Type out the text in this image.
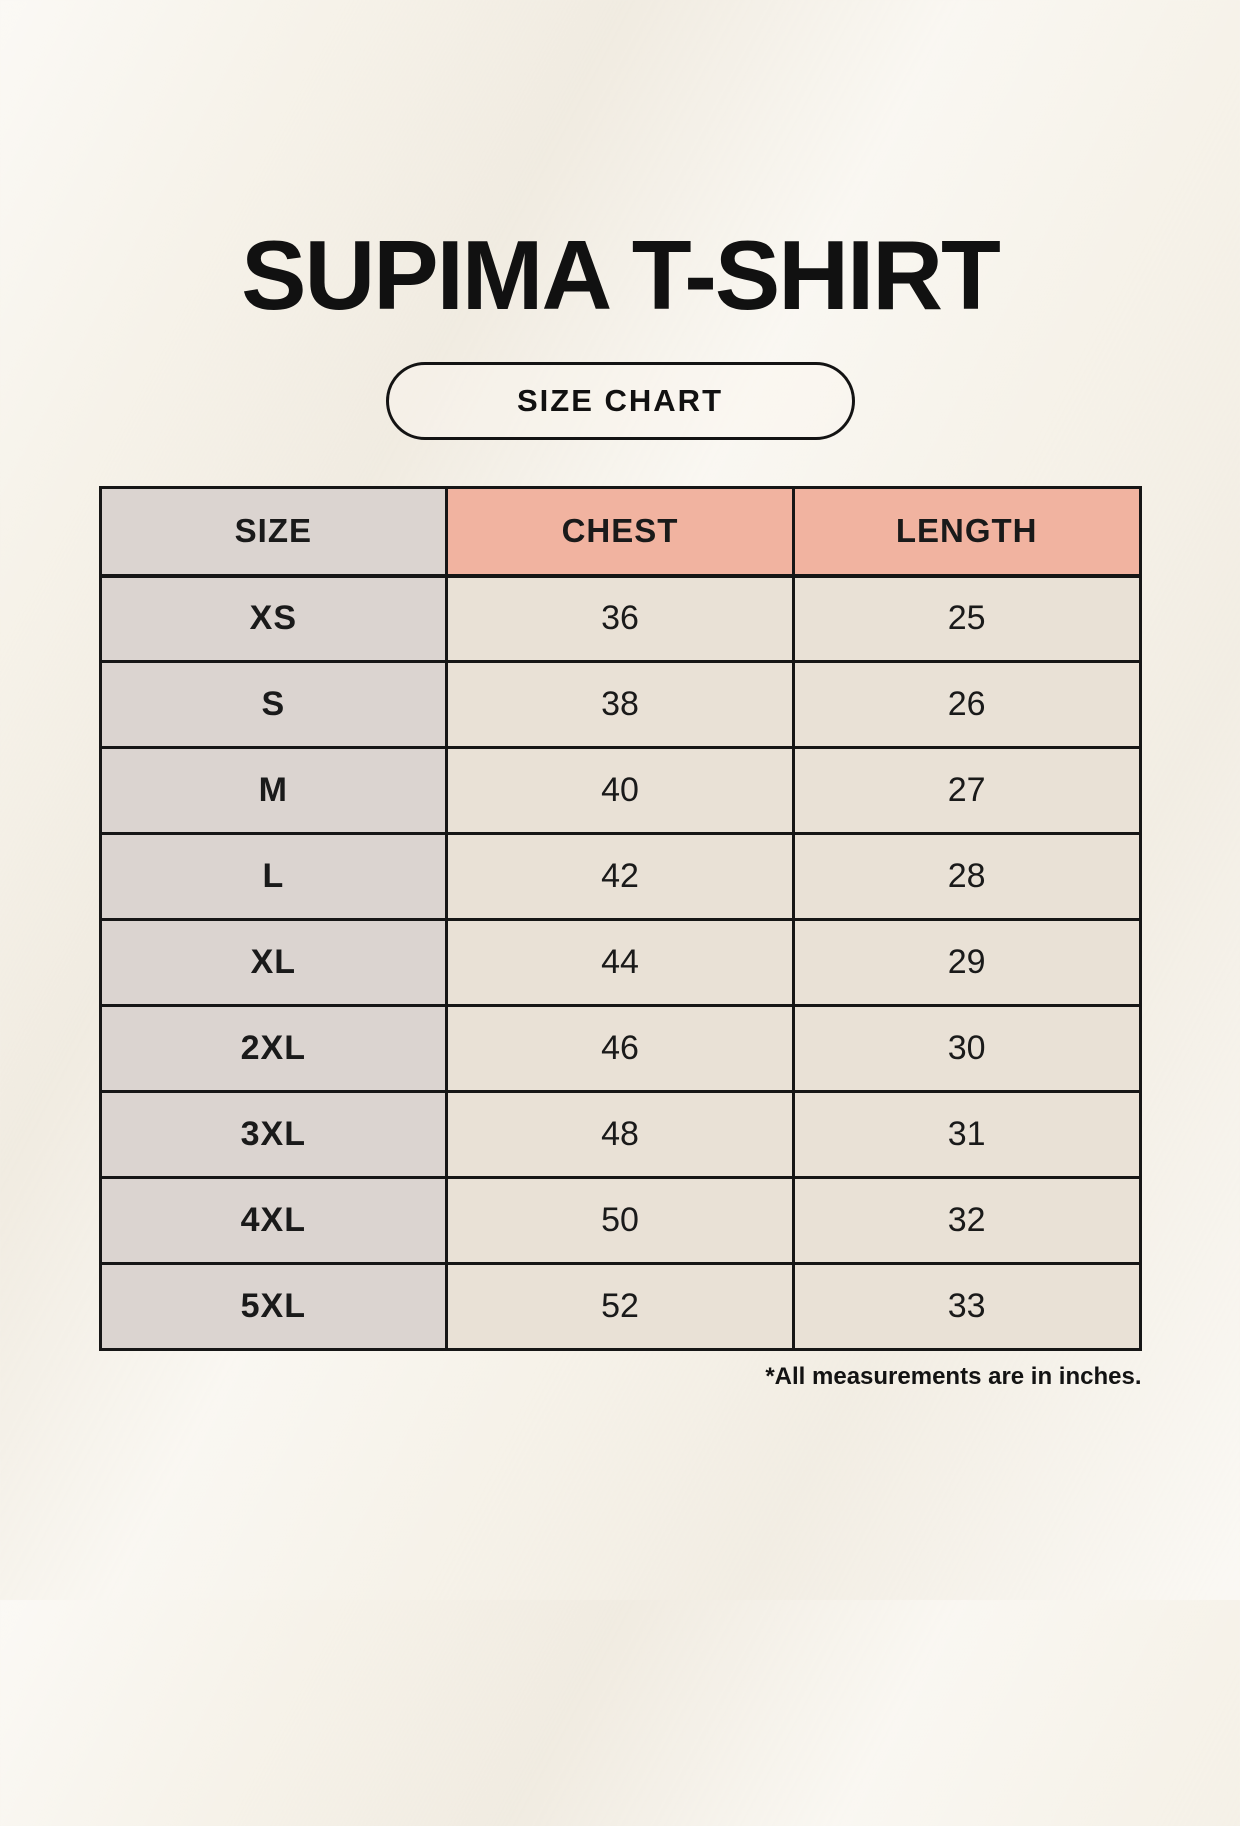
SUPIMA T-SHIRT
SIZE CHART
SIZE	CHEST	LENGTH
XS	36	25
S	38	26
M	40	27
L	42	28
XL	44	29
2XL	46	30
3XL	48	31
4XL	50	32
5XL	52	33
*All measurements are in inches.
